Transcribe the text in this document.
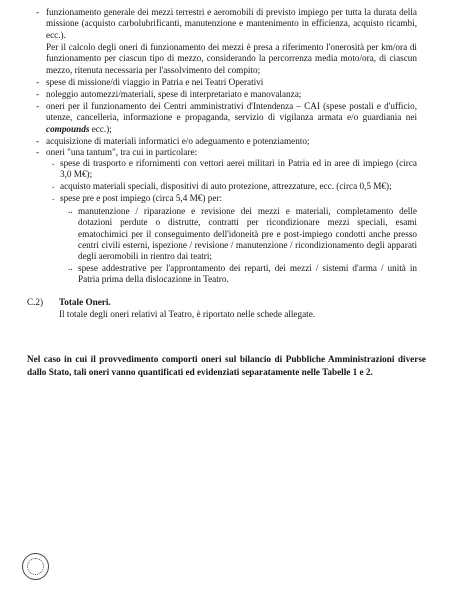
- funzionamento generale dei mezzi terrestri e aeromobili di previsto impiego per tutta la durata della missione (acquisto carbolubrificanti, manutenzione e mantenimento in efficienza, acquisto ricambi, ecc.).
Per il calcolo degli oneri di funzionamento dei mezzi è presa a riferimento l'onerosità per km/ora di funzionamento per ciascun tipo di mezzo, considerando la percorrenza media moto/ora, di ciascun mezzo, ritenuta necessaria per l'assolvimento del compito;
- spese di missione/di viaggio in Patria e nei Teatri Operativi
- noleggio automezzi/materiali, spese di interpretariato e manovalanza;
- oneri per il funzionamento dei Centri amministrativi d'Intendenza – CAI (spese postali e d'ufficio, utenze, cancelleria, informazione e propaganda, servizio di vigilanza armata e/o guardiania nei compounds ecc.);
- acquisizione di materiali informatici e/o adeguamento e potenziamento;
- oneri "una tantum", tra cui in particolare:
. spese di trasporto e rifornimenti con vettori aerei militari in Patria ed in aree di impiego (circa 3,0 M€);
. acquisto materiali speciali, dispositivi di auto protezione, attrezzature, ecc. (circa 0,5 M€);
. spese pre e post impiego (circa 5,4 M€) per:
.. manutenzione / riparazione e revisione dei mezzi e materiali, completamento delle dotazioni perdute o distrutte, contratti per ricondizionare mezzi speciali, esami ematochimici per il conseguimento dell'idoneità pre e post-impiego condotti anche presso centri civili esterni, ispezione / revisione / manutenzione / ricondizionamento degli apparati degli aeromobili in rientro dai teatri;
.. spese addestrative per l'approntamento dei reparti, dei mezzi / sistemi d'arma / unità in Patria prima della dislocazione in Teatro.
C.2) Totale Oneri.
Il totale degli oneri relativi al Teatro, è riportato nelle schede allegate.
Nel caso in cui il provvedimento comporti oneri sul bilancio di Pubbliche Amministrazioni diverse dallo Stato, tali oneri vanno quantificati ed evidenziati separatamente nelle Tabelle 1 e 2.
